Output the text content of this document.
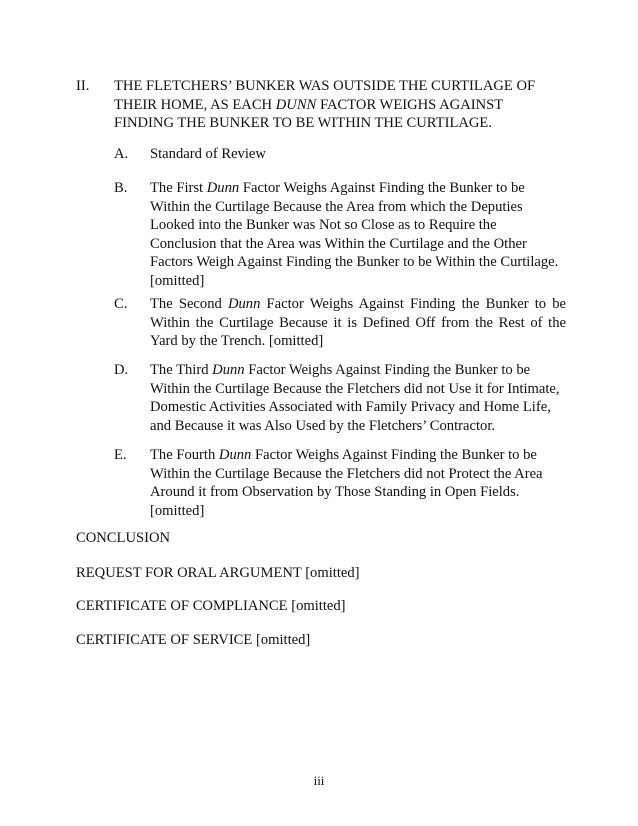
II. THE FLETCHERS’ BUNKER WAS OUTSIDE THE CURTILAGE OF THEIR HOME, AS EACH DUNN FACTOR WEIGHS AGAINST FINDING THE BUNKER TO BE WITHIN THE CURTILAGE.
A. Standard of Review
B. The First Dunn Factor Weighs Against Finding the Bunker to be Within the Curtilage Because the Area from which the Deputies Looked into the Bunker was Not so Close as to Require the Conclusion that the Area was Within the Curtilage and the Other Factors Weigh Against Finding the Bunker to be Within the Curtilage. [omitted]
C. The Second Dunn Factor Weighs Against Finding the Bunker to be Within the Curtilage Because it is Defined Off from the Rest of the Yard by the Trench. [omitted]
D. The Third Dunn Factor Weighs Against Finding the Bunker to be Within the Curtilage Because the Fletchers did not Use it for Intimate, Domestic Activities Associated with Family Privacy and Home Life, and Because it was Also Used by the Fletchers’ Contractor.
E. The Fourth Dunn Factor Weighs Against Finding the Bunker to be Within the Curtilage Because the Fletchers did not Protect the Area Around it from Observation by Those Standing in Open Fields. [omitted]
CONCLUSION
REQUEST FOR ORAL ARGUMENT [omitted]
CERTIFICATE OF COMPLIANCE [omitted]
CERTIFICATE OF SERVICE [omitted]
iii
